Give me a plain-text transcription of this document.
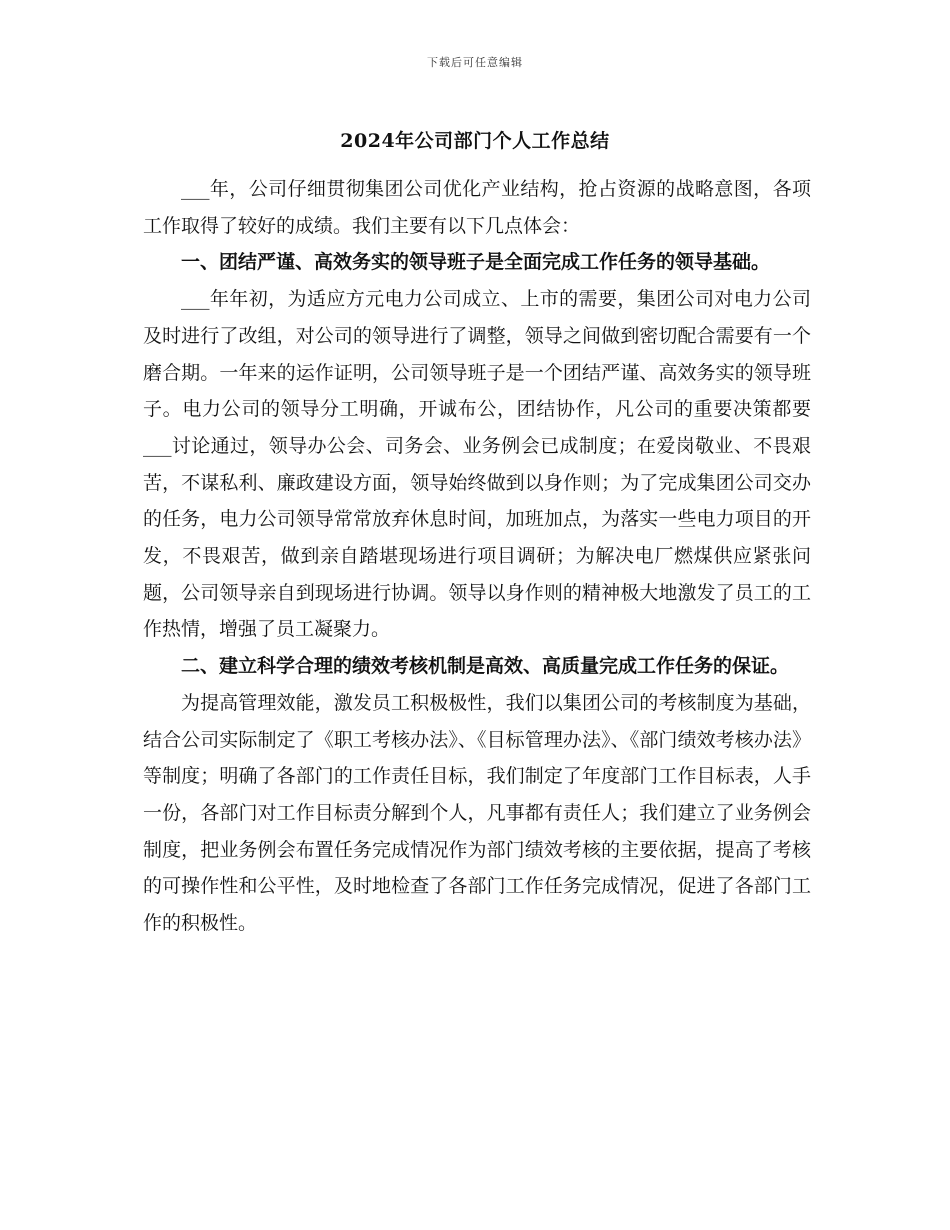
下载后可任意编辑
2024年公司部门个人工作总结

___年，公司仔细贯彻集团公司优化产业结构，抢占资源的战略意图，各项工作取得了较好的成绩。我们主要有以下几点体会：

一、团结严谨、高效务实的领导班子是全面完成工作任务的领导基础。

___年年初，为适应方元电力公司成立、上市的需要，集团公司对电力公司及时进行了改组，对公司的领导进行了调整，领导之间做到密切配合需要有一个磨合期。一年来的运作证明，公司领导班子是一个团结严谨、高效务实的领导班子。电力公司的领导分工明确，开诚布公，团结协作，凡公司的重要决策都要___讨论通过，领导办公会、司务会、业务例会已成制度；在爱岗敬业、不畏艰苦，不谋私利、廉政建设方面，领导始终做到以身作则；为了完成集团公司交办的任务，电力公司领导常常放弃休息时间，加班加点，为落实一些电力项目的开发，不畏艰苦，做到亲自踏堪现场进行项目调研；为解决电厂燃煤供应紧张问题，公司领导亲自到现场进行协调。领导以身作则的精神极大地激发了员工的工作热情，增强了员工凝聚力。

二、建立科学合理的绩效考核机制是高效、高质量完成工作任务的保证。

为提高管理效能，激发员工积极极性，我们以集团公司的考核制度为基础，结合公司实际制定了《职工考核办法》、《目标管理办法》、《部门绩效考核办法》等制度；明确了各部门的工作责任目标，我们制定了年度部门工作目标表，人手一份，各部门对工作目标责分解到个人，凡事都有责任人；我们建立了业务例会制度，把业务例会布置任务完成情况作为部门绩效考核的主要依据，提高了考核的可操作性和公平性，及时地检查了各部门工作任务完成情况，促进了各部门工作的积极性。
